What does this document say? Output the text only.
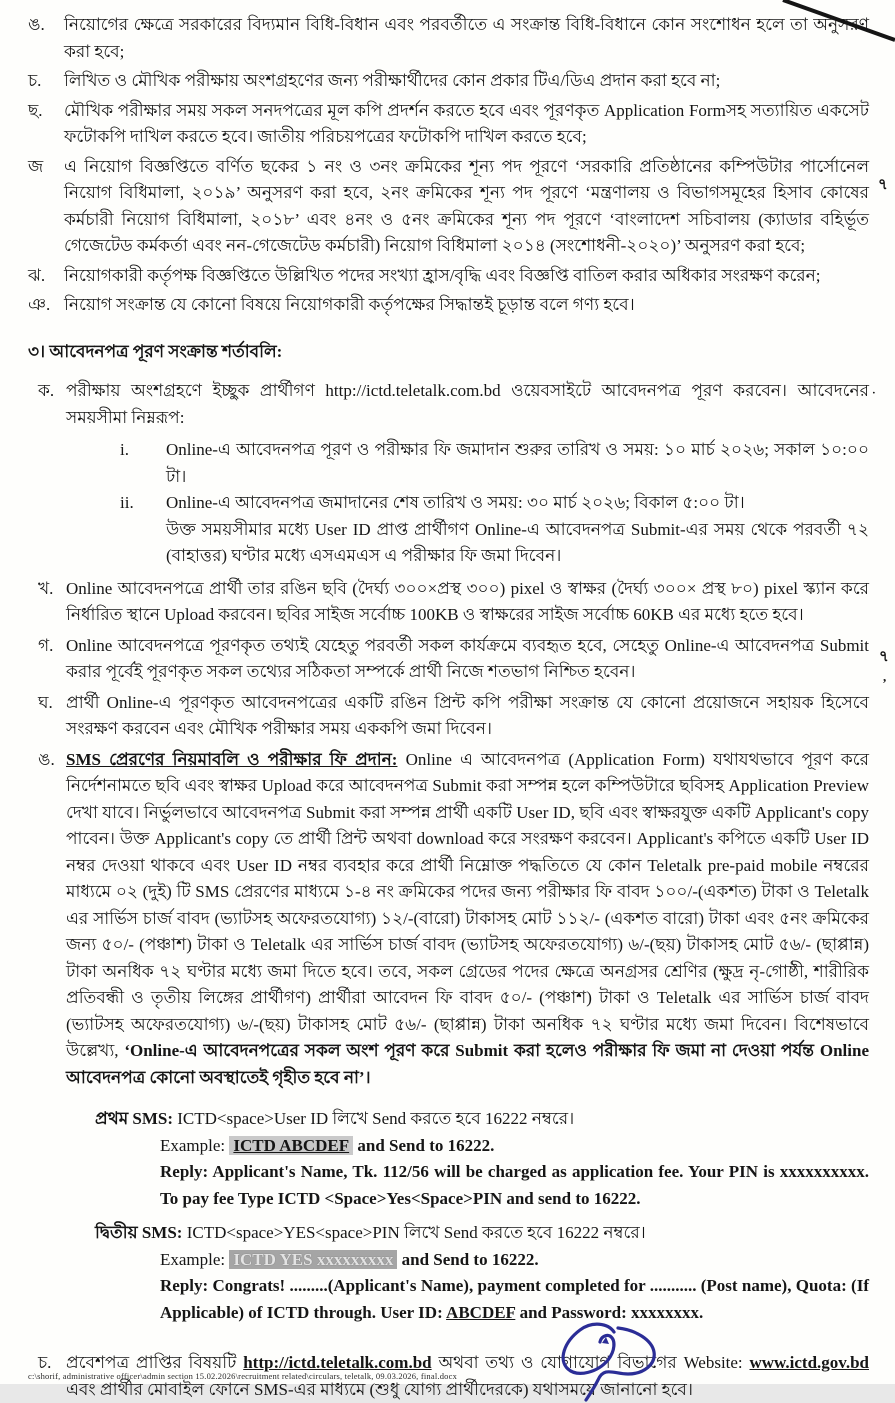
ঙ.	নিয়োগের ক্ষেত্রে সরকারের বিদ্যমান বিধি-বিধান এবং পরবর্তীতে এ সংক্রান্ত বিধি-বিধানে কোন সংশোধন হলে তা অনুসরণ করা হবে;
চ.	লিখিত ও মৌখিক পরীক্ষায় অংশগ্রহণের জন্য পরীক্ষার্থীদের কোন প্রকার টিএ/ডিএ প্রদান করা হবে না;
ছ.	মৌখিক পরীক্ষার সময় সকল সনদপত্রের মূল কপি প্রদর্শন করতে হবে এবং পূরণকৃত Application Formসহ সত্যায়িত একসেট ফটোকপি দাখিল করতে হবে। জাতীয় পরিচয়পত্রের ফটোকপি দাখিল করতে হবে;
জ	এ নিয়োগ বিজ্ঞপ্তিতে বর্ণিত ছকের ১ নং ও ৩নং ক্রমিকের শূন্য পদ পূরণে ‘সরকারি প্রতিষ্ঠানের কম্পিউটার পার্সোনেল নিয়োগ বিধিমালা, ২০১৯’ অনুসরণ করা হবে, ২নং ক্রমিকের শূন্য পদ পূরণে ‘মন্ত্রণালয় ও বিভাগসমূহের হিসাব কোষের কর্মচারী নিয়োগ বিধিমালা, ২০১৮’ এবং ৪নং ও ৫নং ক্রমিকের শূন্য পদ পূরণে ‘বাংলাদেশ সচিবালয় (ক্যাডার বহির্ভূত গেজেটেড কর্মকর্তা এবং নন-গেজেটেড কর্মচারী) নিয়োগ বিধিমালা ২০১৪ (সংশোধনী-২০২০)’ অনুসরণ করা হবে;
ঝ.	নিয়োগকারী কর্তৃপক্ষ বিজ্ঞপ্তিতে উল্লিখিত পদের সংখ্যা হ্রাস/বৃদ্ধি এবং বিজ্ঞপ্তি বাতিল করার অধিকার সংরক্ষণ করেন;
ঞ. নিয়োগ সংক্রান্ত যে কোনো বিষয়ে নিয়োগকারী কর্তৃপক্ষের সিদ্ধান্তই চূড়ান্ত বলে গণ্য হবে।
৩। আবেদনপত্র পূরণ সংক্রান্ত শর্তাবলি:
ক. পরীক্ষায় অংশগ্রহণে ইচ্ছুক প্রার্থীগণ http://ictd.teletalk.com.bd ওয়েবসাইটে আবেদনপত্র পূরণ করবেন। আবেদনের সময়সীমা নিম্নরূপ:
i.	Online-এ আবেদনপত্র পূরণ ও পরীক্ষার ফি জমাদান শুরুর তারিখ ও সময়: ১০ মার্চ ২০২৬; সকাল ১০:০০ টা।
ii.	Online-এ আবেদনপত্র জমাদানের শেষ তারিখ ও সময়: ৩০ মার্চ ২০২৬; বিকাল ৫:০০ টা।
উক্ত সময়সীমার মধ্যে User ID প্রাপ্ত প্রার্থীগণ Online-এ আবেদনপত্র Submit-এর সময় থেকে পরবর্তী ৭২ (বাহাত্তর) ঘণ্টার মধ্যে এসএমএস এ পরীক্ষার ফি জমা দিবেন।
খ. Online আবেদনপত্রে প্রার্থী তার রঙিন ছবি (দৈর্ঘ্য ৩০০×প্রস্থ ৩০০) pixel ও স্বাক্ষর (দৈর্ঘ্য ৩০০× প্রস্থ ৮০) pixel স্ক্যান করে নির্ধারিত স্থানে Upload করবেন। ছবির সাইজ সর্বোচ্চ 100KB ও স্বাক্ষরের সাইজ সর্বোচ্চ 60KB এর মধ্যে হতে হবে।
গ. Online আবেদনপত্রে পূরণকৃত তথ্যই যেহেতু পরবর্তী সকল কার্যক্রমে ব্যবহৃত হবে, সেহেতু Online-এ আবেদনপত্র Submit করার পূর্বেই পূরণকৃত সকল তথ্যের সঠিকতা সম্পর্কে প্রার্থী নিজে শতভাগ নিশ্চিত হবেন।
ঘ. প্রার্থী Online-এ পূরণকৃত আবেদনপত্রের একটি রঙিন প্রিন্ট কপি পরীক্ষা সংক্রান্ত যে কোনো প্রয়োজনে সহায়ক হিসেবে সংরক্ষণ করবেন এবং মৌখিক পরীক্ষার সময় এককপি জমা দিবেন।
ঙ. SMS প্রেরণের নিয়মাবলি ও পরীক্ষার ফি প্রদান: Online এ আবেদনপত্র (Application Form) যথাযথভাবে পূরণ করে নির্দেশনামতে ছবি এবং স্বাক্ষর Upload করে আবেদনপত্র Submit করা সম্পন্ন হলে কম্পিউটারে ছবিসহ Application Preview দেখা যাবে। নির্ভুলভাবে আবেদনপত্র Submit করা সম্পন্ন প্রার্থী একটি User ID, ছবি এবং স্বাক্ষরযুক্ত একটি Applicant's copy পাবেন। উক্ত Applicant's copy তে প্রার্থী প্রিন্ট অথবা download করে সংরক্ষণ করবেন। Applicant's কপিতে একটি User ID নম্বর দেওয়া থাকবে এবং User ID নম্বর ব্যবহার করে প্রার্থী নিম্নোক্ত পদ্ধতিতে যে কোন Teletalk pre-paid mobile নম্বরের মাধ্যমে ০২ (দুই) টি SMS প্রেরণের মাধ্যমে ১-৪ নং ক্রমিকের পদের জন্য পরীক্ষার ফি বাবদ ১০০/-(একশত) টাকা ও Teletalk এর সার্ভিস চার্জ বাবদ (ভ্যাটসহ অফেরতযোগ্য) ১২/-(বারো) টাকাসহ মোট ১১২/- (একশত বারো) টাকা এবং ৫নং ক্রমিকের জন্য ৫০/- (পঞ্চাশ) টাকা ও Teletalk এর সার্ভিস চার্জ বাবদ (ভ্যাটসহ অফেরতযোগ্য) ৬/-(ছয়) টাকাসহ মোট ৫৬/- (ছাপ্পান্ন) টাকা অনধিক ৭২ ঘণ্টার মধ্যে জমা দিতে হবে। তবে, সকল গ্রেডের পদের ক্ষেত্রে অনগ্রসর শ্রেণির (ক্ষুদ্র নৃ-গোষ্ঠী, শারীরিক প্রতিবন্ধী ও তৃতীয় লিঙ্গের প্রার্থীগণ) প্রার্থীরা আবেদন ফি বাবদ ৫০/- (পঞ্চাশ) টাকা ও Teletalk এর সার্ভিস চার্জ বাবদ (ভ্যাটসহ অফেরতযোগ্য) ৬/-(ছয়) টাকাসহ মোট ৫৬/- (ছাপ্পান্ন) টাকা অনধিক ৭২ ঘণ্টার মধ্যে জমা দিবেন। বিশেষভাবে উল্লেখ্য, ‘Online-এ আবেদনপত্রের সকল অংশ পূরণ করে Submit করা হলেও পরীক্ষার ফি জমা না দেওয়া পর্যন্ত Online আবেদনপত্র কোনো অবস্থাতেই গৃহীত হবে না’।
প্রথম SMS: ICTD<space>User ID লিখে Send করতে হবে 16222 নম্বরে।
Example: ICTD ABCDEF and Send to 16222.
Reply: Applicant's Name, Tk. 112/56 will be charged as application fee. Your PIN is xxxxxxxxxx. To pay fee Type ICTD <Space>Yes<Space>PIN and send to 16222.
দ্বিতীয় SMS: ICTD<space>YES<space>PIN লিখে Send করতে হবে 16222 নম্বরে।
Example: ICTD YES xxxxxxxxx and Send to 16222.
Reply: Congrats! .........(Applicant's Name), payment completed for ........... (Post name), Quota: (If Applicable) of ICTD through. User ID: ABCDEF and Password: xxxxxxxx.
চ. প্রবেশপত্র প্রাপ্তির বিষয়টি http://ictd.teletalk.com.bd অথবা তথ্য ও যোগাযোগ বিভাগের Website: www.ictd.gov.bd এবং প্রার্থীর মোবাইল ফোনে SMS-এর মাধ্যমে (শুধু যোগ্য প্রার্থীদেরকে) যথাসময়ে জানানো হবে।
৭
·
৭
,
c:\shorif, administrative officer\admin section 15.02.2026\recruitment related\circulars, teletalk, 09.03.2026, final.docx
